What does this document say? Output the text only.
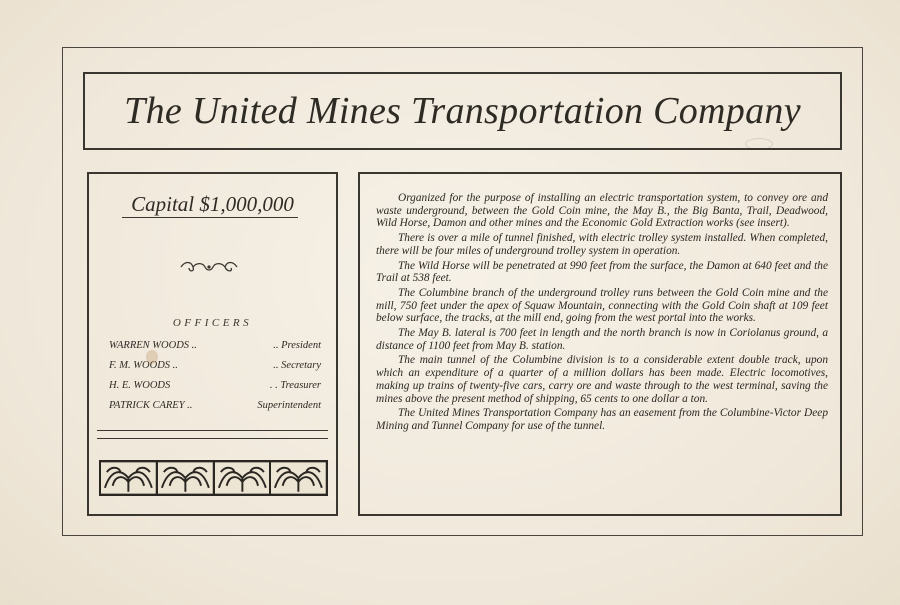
The United Mines Transportation Company
Capital $1,000,000
OFFICERS
WARREN WOODS ..	.. President
F. M. WOODS ..	.. Secretary
H. E. WOODS	. . Treasurer
PATRICK CAREY ..	Superintendent

Organized for the purpose of installing an electric transportation system, to convey ore and waste underground, between the Gold Coin mine, the May B., the Big Banta, Trail, Deadwood, Wild Horse, Damon and other mines and the Economic Gold Extraction works (see insert).

There is over a mile of tunnel finished, with electric trolley system installed. When completed, there will be four miles of underground trolley system in operation.

The Wild Horse will be penetrated at 990 feet from the surface, the Damon at 640 feet and the Trail at 538 feet.

The Columbine branch of the underground trolley runs between the Gold Coin mine and the mill, 750 feet under the apex of Squaw Mountain, connecting with the Gold Coin shaft at 109 feet below surface, the tracks, at the mill end, going from the west portal into the works.

The May B. lateral is 700 feet in length and the north branch is now in Coriolanus ground, a distance of 1100 feet from May B. station.

The main tunnel of the Columbine division is to a considerable extent double track, upon which an expenditure of a quarter of a million dollars has been made. Electric locomotives, making up trains of twenty-five cars, carry ore and waste through to the west terminal, saving the mines above the present method of shipping, 65 cents to one dollar a ton.

The United Mines Transportation Company has an easement from the Columbine-Victor Deep Mining and Tunnel Company for use of the tunnel.
